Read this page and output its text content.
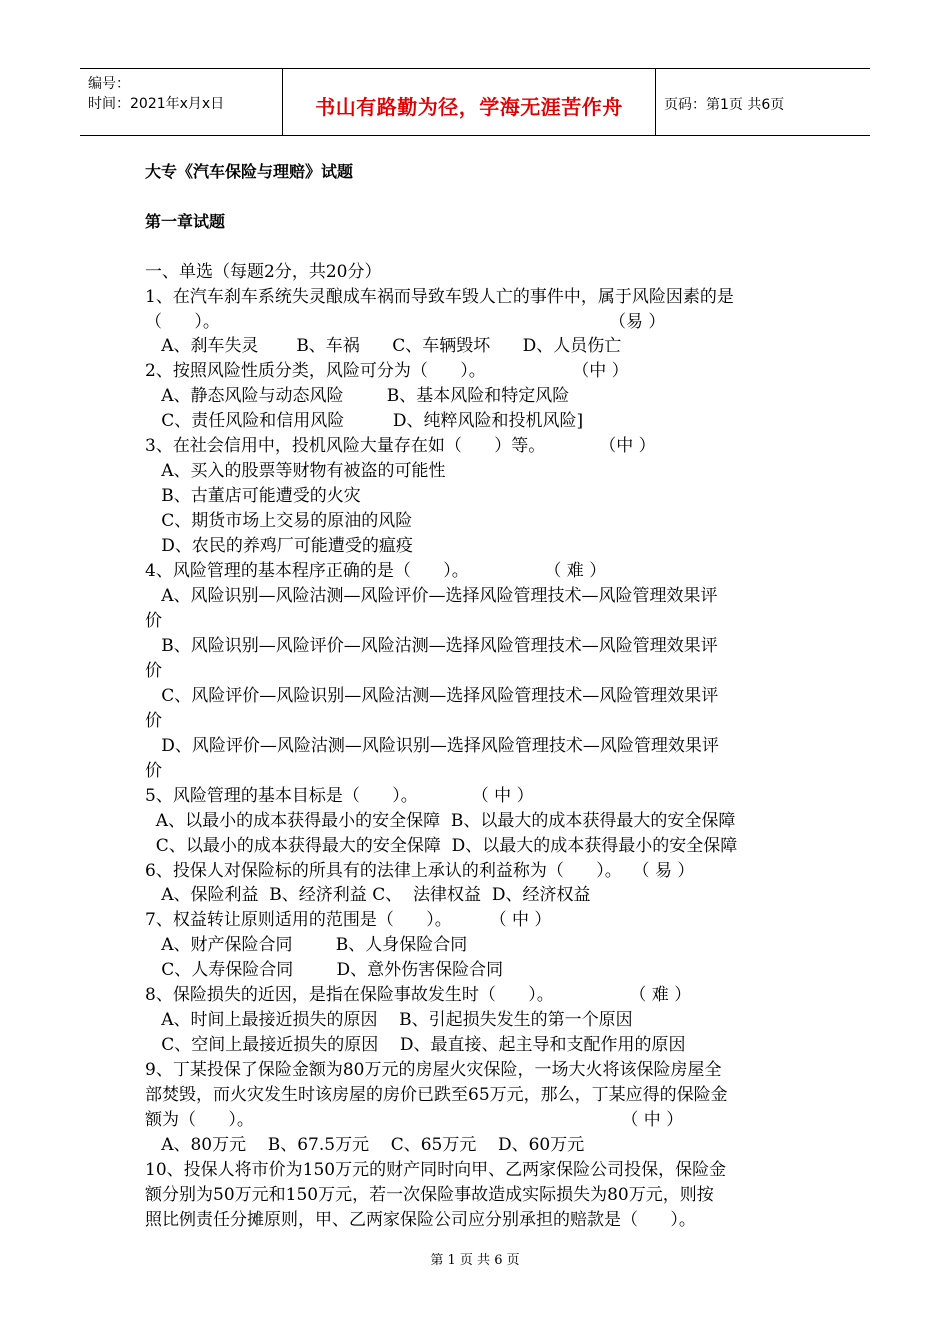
编号：
时间：2021年x月x日	书山有路勤为径，学海无涯苦作舟	页码：第1页 共6页
大专《汽车保险与理赔》试题
第一章试题
一、单选（每题2分，共20分）
1、在汽车刹车系统失灵酿成车祸而导致车毁人亡的事件中，属于风险因素的是
（      ）。                                                                        （易 ）
A、刹车失灵       B、车祸      C、车辆毁坏      D、人员伤亡
2、按照风险性质分类，风险可分为（      ）。                （中 ）
A、静态风险与动态风险        B、基本风险和特定风险
C、责任风险和信用风险         D、纯粹风险和投机风险]
3、在社会信用中，投机风险大量存在如（      ）等。          （中 ）
A、买入的股票等财物有被盗的可能性
B、古董店可能遭受的火灾
C、期货市场上交易的原油的风险
D、农民的养鸡厂可能遭受的瘟疫
4、风险管理的基本程序正确的是（      ）。              （ 难 ）
A、风险识别—风险沽测—风险评价—选择风险管理技术—风险管理效果评
价
B、风险识别—风险评价—风险沽测—选择风险管理技术—风险管理效果评
价
C、风险评价—风险识别—风险沽测—选择风险管理技术—风险管理效果评
价
D、风险评价—风险沽测—风险识别—选择风险管理技术—风险管理效果评
价
5、风险管理的基本目标是（      ）。          （ 中 ）
A、以最小的成本获得最小的安全保障  B、以最大的成本获得最大的安全保障
C、以最小的成本获得最大的安全保障  D、以最大的成本获得最小的安全保障
6、投保人对保险标的所具有的法律上承认的利益称为（      ）。  （ 易 ）
A、保险利益  B、经济利益 C、  法律权益  D、经济权益
7、权益转让原则适用的范围是（      ）。       （ 中 ）
A、财产保险合同        B、人身保险合同
C、人寿保险合同        D、意外伤害保险合同
8、保险损失的近因，是指在保险事故发生时（      ）。              （ 难 ）
A、时间上最接近损失的原因    B、引起损失发生的第一个原因
C、空间上最接近损失的原因    D、最直接、起主导和支配作用的原因
9、丁某投保了保险金额为80万元的房屋火灾保险，一场大火将该保险房屋全
部焚毁，而火灾发生时该房屋的房价已跌至65万元，那么，丁某应得的保险金
额为（      ）。                                                                    （ 中 ）
A、80万元    B、67.5万元    C、65万元    D、60万元
10、投保人将市价为150万元的财产同时向甲、乙两家保险公司投保，保险金
额分别为50万元和150万元，若一次保险事故造成实际损失为80万元，则按
照比例责任分摊原则，甲、乙两家保险公司应分别承担的赔款是（      ）。
第 1 页 共 6 页
